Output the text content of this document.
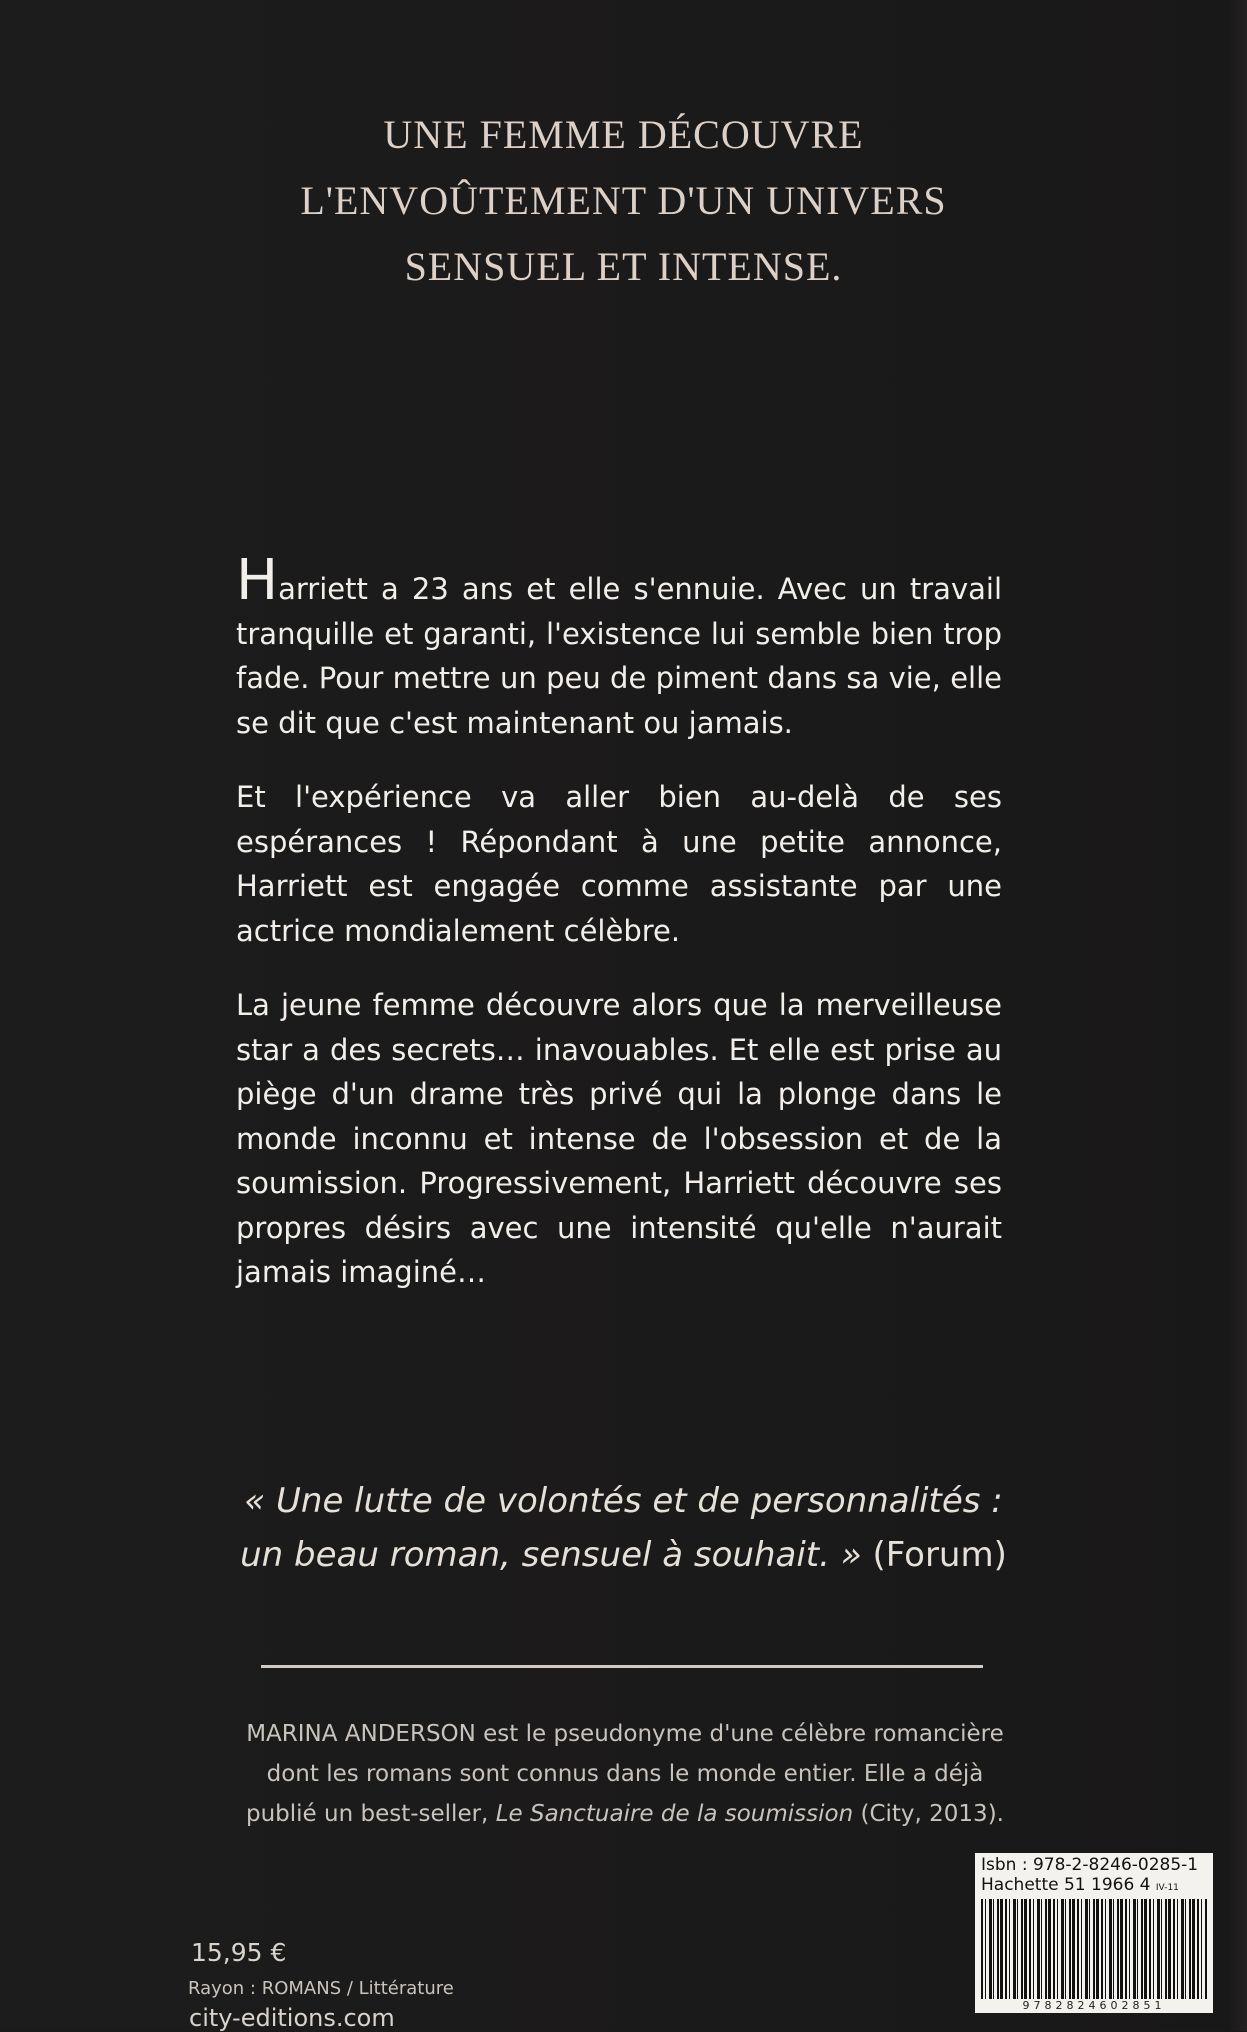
UNE FEMME DÉCOUVRE
L'ENVOÛTEMENT D'UN UNIVERS
SENSUEL ET INTENSE.

Harriett a 23 ans et elle s'ennuie. Avec un travail tranquille et garanti, l'existence lui semble bien trop fade. Pour mettre un peu de piment dans sa vie, elle se dit que c'est maintenant ou jamais.

Et l'expérience va aller bien au-delà de ses espérances ! Répondant à une petite annonce, Harriett est engagée comme assistante par une actrice mondialement célèbre.

La jeune femme découvre alors que la merveilleuse star a des secrets… inavouables. Et elle est prise au piège d'un drame très privé qui la plonge dans le monde inconnu et intense de l'obsession et de la soumission. Progressivement, Harriett découvre ses propres désirs avec une intensité qu'elle n'aurait jamais imaginé…

« Une lutte de volontés et de personnalités :
un beau roman, sensuel à souhait. » (Forum)
MARINA ANDERSON est le pseudonyme d'une célèbre romancière
dont les romans sont connus dans le monde entier. Elle a déjà
publié un best-seller, Le Sanctuaire de la soumission (City, 2013).
15,95 €
Rayon : ROMANS / Littérature
city-editions.com
Isbn : 978-2-8246-0285-1
Hachette 51 1966 4 IV-11
9782824602851
